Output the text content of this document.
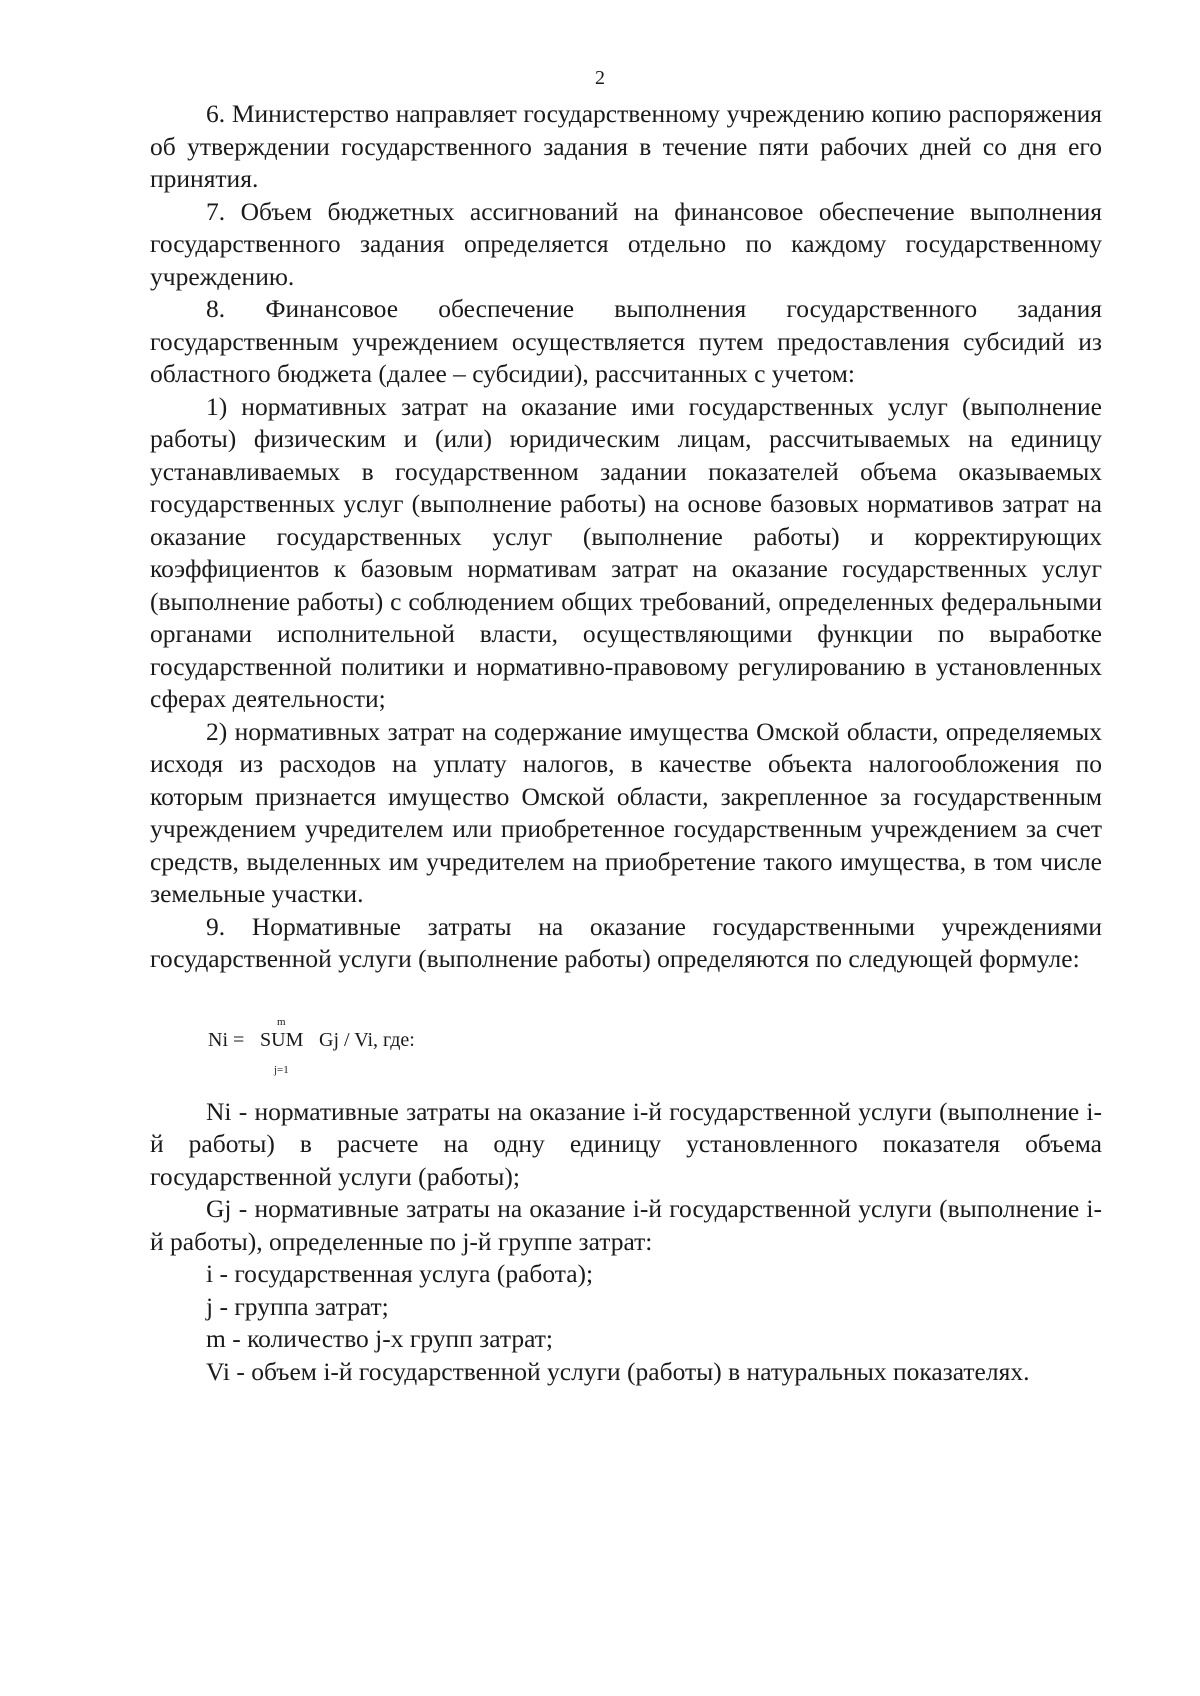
2

6. Министерство направляет государственному учреждению копию распоряжения об утверждении государственного задания в течение пяти рабочих дней со дня его принятия.

7. Объем бюджетных ассигнований на финансовое обеспечение выполнения государственного задания определяется отдельно по каждому государственному учреждению.

8. Финансовое обеспечение выполнения государственного задания государственным учреждением осуществляется путем предоставления субсидий из областного бюджета (далее – субсидии), рассчитанных с учетом:

1) нормативных затрат на оказание ими государственных услуг (выполнение работы) физическим и (или) юридическим лицам, рассчитываемых на единицу устанавливаемых в государственном задании показателей объема оказываемых государственных услуг (выполнение работы) на основе базовых нормативов затрат на оказание государственных услуг (выполнение работы) и корректирующих коэффициентов к базовым нормативам затрат на оказание государственных услуг (выполнение работы) с соблюдением общих требований, определенных федеральными органами исполнительной власти, осуществляющими функции по выработке государственной политики и нормативно-правовому регулированию в установленных сферах деятельности;

2) нормативных затрат на содержание имущества Омской области, определяемых исходя из расходов на уплату налогов, в качестве объекта налогообложения по которым признается имущество Омской области, закрепленное за государственным учреждением учредителем или приобретенное государственным учреждением за счет средств, выделенных им учредителем на приобретение такого имущества, в том числе земельные участки.

9. Нормативные затраты на оказание государственными учреждениями государственной услуги (выполнение работы) определяются по следующей формуле:

Ni =
m
SUM
j=1
Gj / Vi, где:

Ni - нормативные затраты на оказание i-й государственной услуги (выполнение i-й работы) в расчете на одну единицу установленного показателя объема государственной услуги (работы);

Gj - нормативные затраты на оказание i-й государственной услуги (выполнение i-й работы), определенные по j-й группе затрат:

i - государственная услуга (работа);

j - группа затрат;

m - количество j-х групп затрат;

Vi - объем i-й государственной услуги (работы) в натуральных показателях.
